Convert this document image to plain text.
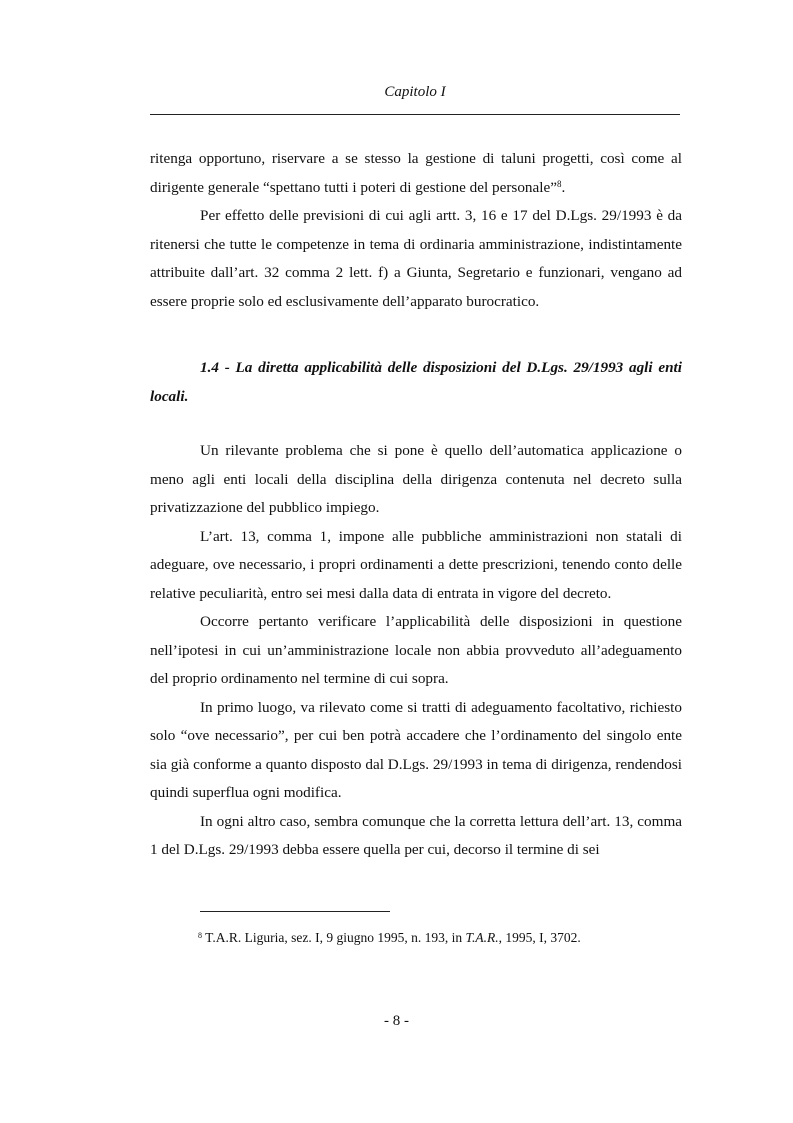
Capitolo I

ritenga opportuno, riservare a se stesso la gestione di taluni progetti, così come al dirigente generale “spettano tutti i poteri di gestione del personale”$^8$.

Per effetto delle previsioni di cui agli artt. 3, 16 e 17 del D.Lgs. 29/1993 è da ritenersi che tutte le competenze in tema di ordinaria amministrazione, indistintamente attribuite dall’art. 32 comma 2 lett. f) a Giunta, Segretario e funzionari, vengano ad essere proprie solo ed esclusivamente dell’apparato burocratico.

1.4 - La diretta applicabilità delle disposizioni del D.Lgs. 29/1993 agli enti locali.

Un rilevante problema che si pone è quello dell’automatica applicazione o meno agli enti locali della disciplina della dirigenza contenuta nel decreto sulla privatizzazione del pubblico impiego.

L’art. 13, comma 1, impone alle pubbliche amministrazioni non statali di adeguare, ove necessario, i propri ordinamenti a dette prescrizioni, tenendo conto delle relative peculiarità, entro sei mesi dalla data di entrata in vigore del decreto.

Occorre pertanto verificare l’applicabilità delle disposizioni in questione nell’ipotesi in cui un’amministrazione locale non abbia provveduto all’adeguamento del proprio ordinamento nel termine di cui sopra.

In primo luogo, va rilevato come si tratti di adeguamento facoltativo, richiesto solo “ove necessario”, per cui ben potrà accadere che l’ordinamento del singolo ente sia già conforme a quanto disposto dal D.Lgs. 29/1993 in tema di dirigenza, rendendosi quindi superflua ogni modifica.

In ogni altro caso, sembra comunque che la corretta lettura dell’art. 13, comma 1 del D.Lgs. 29/1993 debba essere quella per cui, decorso il termine di sei

$^8$ T.A.R. Liguria, sez. I, 9 giugno 1995, n. 193, in T.A.R., 1995, I, 3702.
- 8 -
